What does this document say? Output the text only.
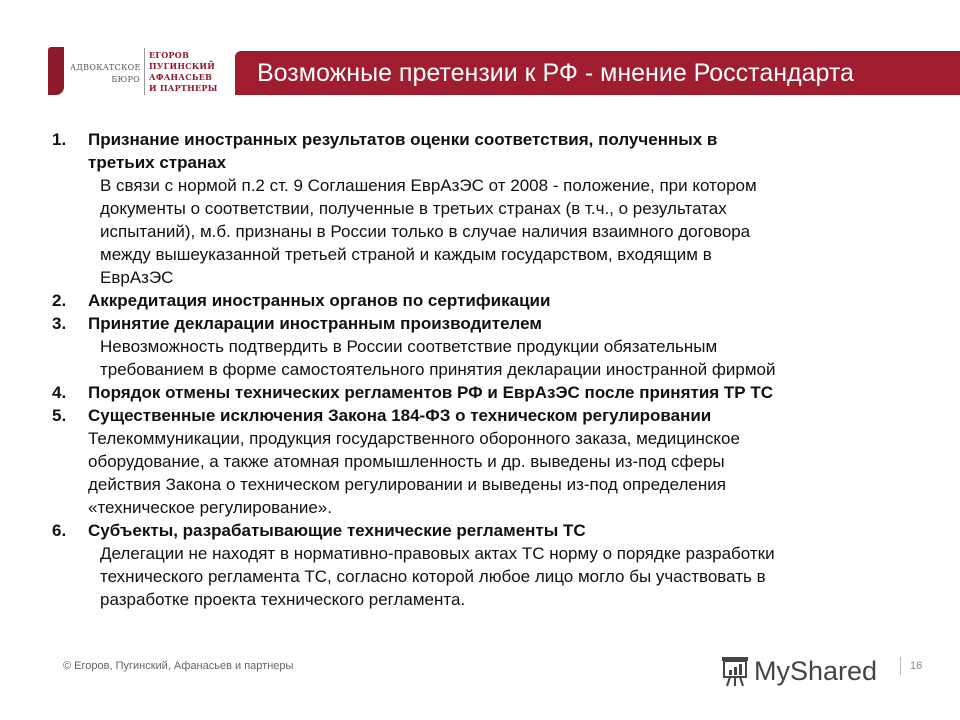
АДВОКАТСКОЕ
БЮРО
ЕГОРОВ
ПУГИНСКИЙ
АФАНАСЬЕВ
И ПАРТНЕРЫ
Возможные претензии к РФ - мнение Росстандарта
1. Признание иностранных результатов оценки соответствия, полученных в
третьих странах
В связи с нормой п.2 ст. 9 Соглашения ЕврАзЭС от 2008 - положение, при котором
документы о соответствии, полученные в третьих странах (в т.ч., о результатах
испытаний), м.б. признаны в России только в случае наличия взаимного договора
между вышеуказанной третьей страной и каждым государством, входящим в
ЕврАзЭС
2. Аккредитация иностранных органов по сертификации
3. Принятие декларации иностранным производителем
Невозможность подтвердить в России соответствие продукции обязательным
требованием в форме самостоятельного принятия декларации иностранной фирмой
4. Порядок отмены технических регламентов РФ и ЕврАзЭС после принятия ТР ТС
5. Существенные исключения Закона 184-ФЗ о техническом регулировании
Телекоммуникации, продукция государственного оборонного заказа, медицинское
оборудование, а также атомная промышленность и др. выведены из-под сферы
действия Закона о техническом регулировании и выведены из-под определения
«техническое регулирование».
6. Субъекты, разрабатывающие технические регламенты ТС
Делегации не находят в нормативно-правовых актах ТС норму о порядке разработки
технического регламента ТС, согласно которой любое лицо могло бы участвовать в
разработке проекта технического регламента.
© Егоров, Пугинский, Афанасьев и партнеры	MyShared	16
